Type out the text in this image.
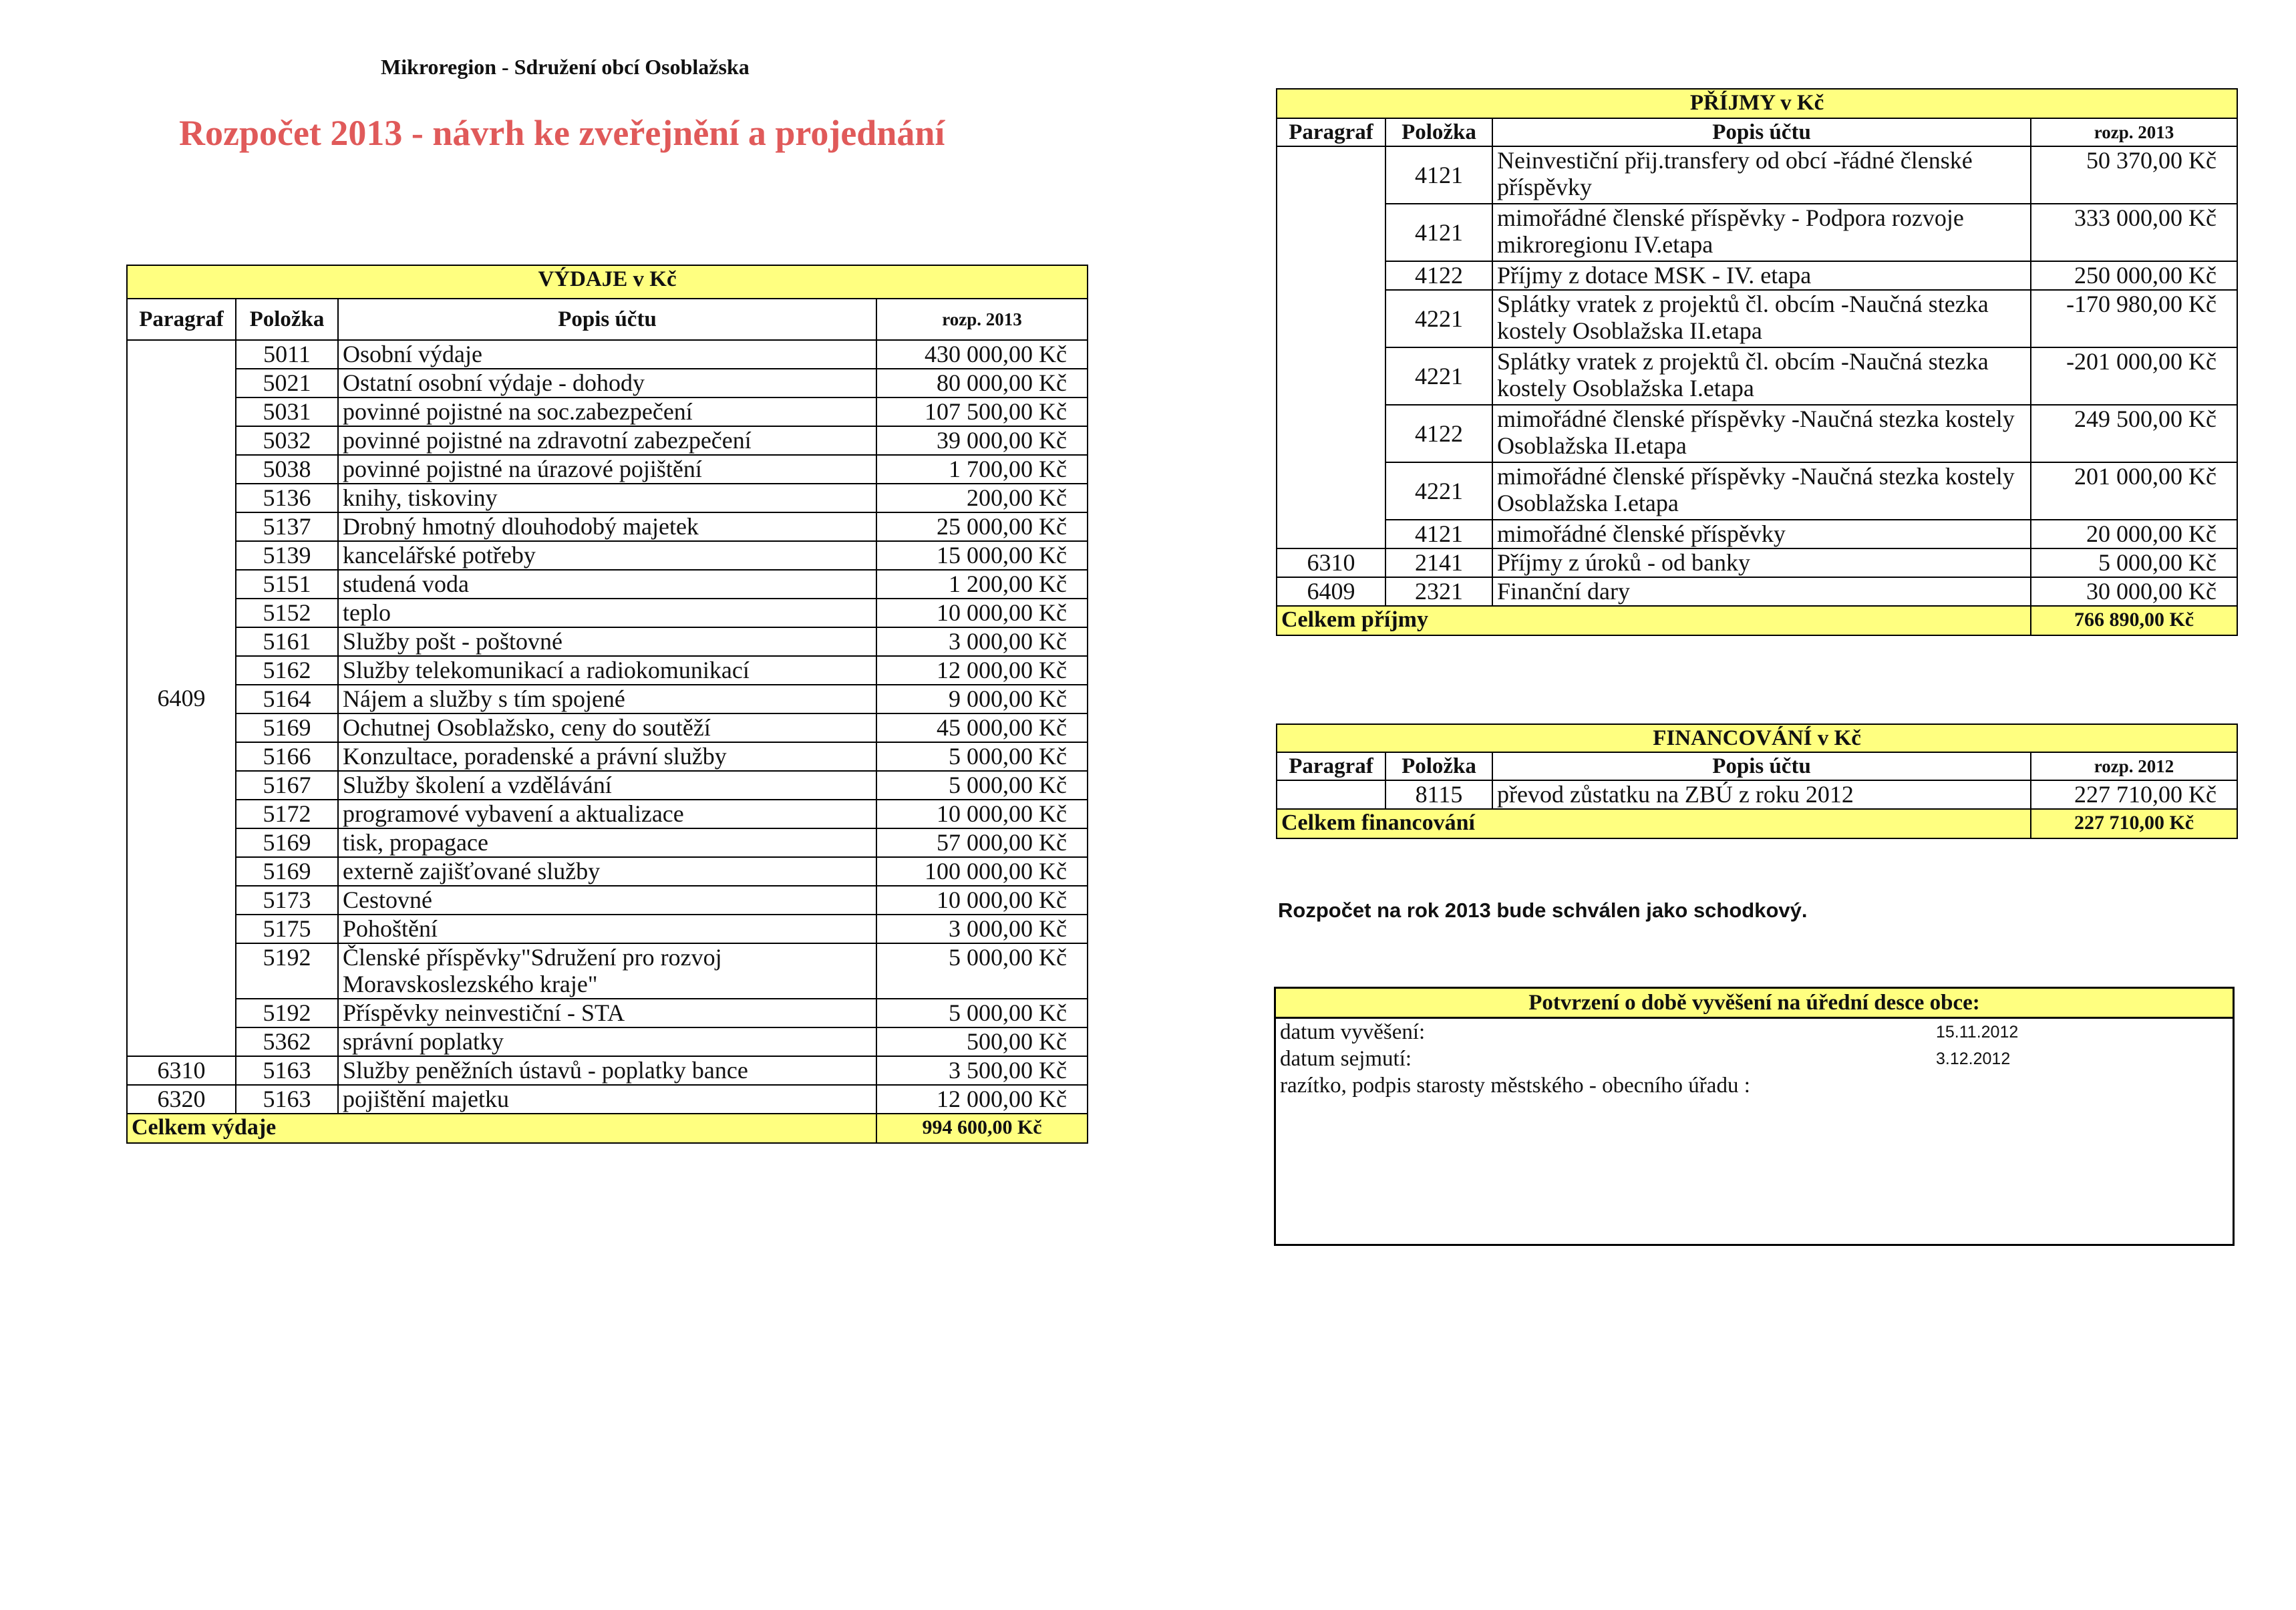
Mikroregion - Sdružení obcí Osoblažska
Rozpočet 2013 - návrh ke zveřejnění a projednání
VÝDAJE v Kč			
Paragraf	Položka	Popis účtu	rozp. 2013
6409	5011	Osobní výdaje	430 000,00 Kč
	5021	Ostatní osobní výdaje - dohody	80 000,00 Kč
	5031	povinné pojistné na soc.zabezpečení	107 500,00 Kč
	5032	povinné pojistné na zdravotní zabezpečení	39 000,00 Kč
	5038	povinné pojistné na úrazové pojištění	1 700,00 Kč
	5136	knihy, tiskoviny	200,00 Kč
	5137	Drobný hmotný dlouhodobý majetek	25 000,00 Kč
	5139	kancelářské potřeby	15 000,00 Kč
	5151	studená voda	1 200,00 Kč
	5152	teplo	10 000,00 Kč
	5161	Služby pošt - poštovné	3 000,00 Kč
	5162	Služby telekomunikací a radiokomunikací	12 000,00 Kč
	5164	Nájem a služby s tím spojené	9 000,00 Kč
	5169	Ochutnej Osoblažsko, ceny do soutěží	45 000,00 Kč
	5166	Konzultace, poradenské a právní služby	5 000,00 Kč
	5167	Služby školení a vzdělávání	5 000,00 Kč
	5172	programové vybavení a aktualizace	10 000,00 Kč
	5169	tisk, propagace	57 000,00 Kč
	5169	externě zajišťované služby	100 000,00 Kč
	5173	Cestovné	10 000,00 Kč
	5175	Pohoštění	3 000,00 Kč
	5192	Členské příspěvky"Sdružení pro rozvoj Moravskoslezského kraje"	5 000,00 Kč
	5192	Příspěvky neinvestiční - STA	5 000,00 Kč
	5362	správní poplatky	500,00 Kč
6310	5163	Služby peněžních ústavů - poplatky bance	3 500,00 Kč
6320	5163	pojištění majetku	12 000,00 Kč
Celkem výdaje			994 600,00 Kč
PŘÍJMY v Kč			
Paragraf	Položka	Popis účtu	rozp. 2013
	4121	Neinvestiční přij.transfery od obcí -řádné členské příspěvky	50 370,00 Kč
	4121	mimořádné členské příspěvky - Podpora rozvoje mikroregionu IV.etapa	333 000,00 Kč
	4122	Příjmy z dotace MSK - IV. etapa	250 000,00 Kč
	4221	Splátky vratek z projektů čl. obcím -Naučná stezka kostely Osoblažska II.etapa	-170 980,00 Kč
	4221	Splátky vratek z projektů čl. obcím -Naučná stezka kostely Osoblažska I.etapa	-201 000,00 Kč
	4122	mimořádné členské příspěvky -Naučná stezka kostely Osoblažska II.etapa	249 500,00 Kč
	4221	mimořádné členské příspěvky -Naučná stezka kostely Osoblažska I.etapa	201 000,00 Kč
	4121	mimořádné členské příspěvky	20 000,00 Kč
6310	2141	Příjmy z úroků - od banky	5 000,00 Kč
6409	2321	Finanční dary	30 000,00 Kč
Celkem příjmy			766 890,00 Kč
FINANCOVÁNÍ v Kč			
Paragraf	Položka	Popis účtu	rozp. 2012
	8115	převod zůstatku na ZBÚ z roku 2012	227 710,00 Kč
Celkem financování			227 710,00 Kč
Rozpočet na rok 2013 bude schválen jako schodkový.
Potvrzení o době vyvěšení na úřední desce obce:
datum vyvěšení:	15.11.2012
datum sejmutí:	3.12.2012
razítko, podpis starosty městského - obecního úřadu :
